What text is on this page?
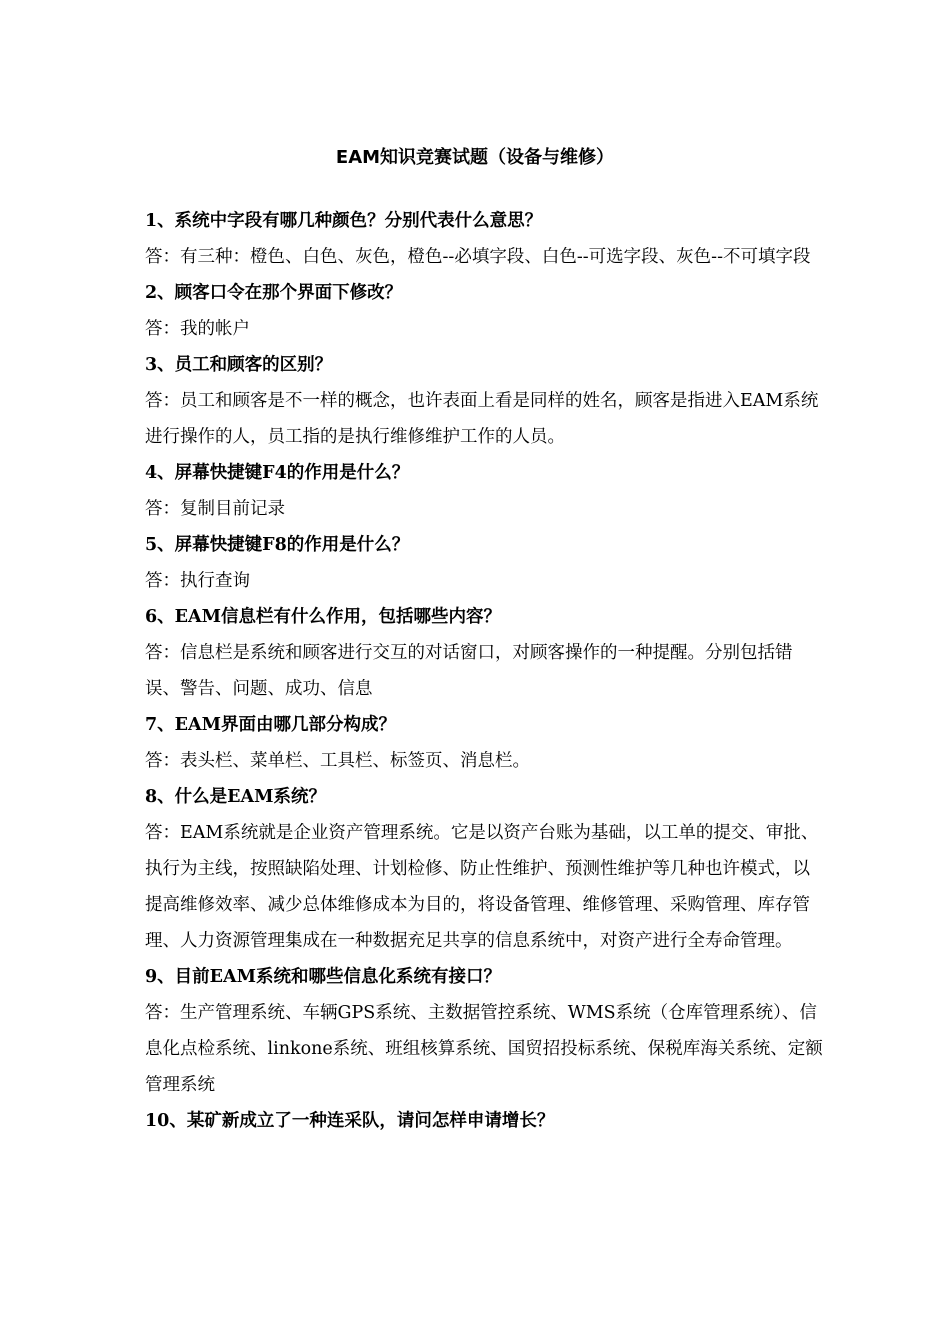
EAM知识竞赛试题（设备与维修）

1、系统中字段有哪几种颜色？分别代表什么意思？

答：有三种：橙色、白色、灰色，橙色--必填字段、白色--可选字段、灰色--不可填字段

2、顾客口令在那个界面下修改？

答：我的帐户

3、员工和顾客的区别？

答：员工和顾客是不一样的概念，也许表面上看是同样的姓名，顾客是指进入EAM系统进行操作的人，员工指的是执行维修维护工作的人员。

4、屏幕快捷键F4的作用是什么？

答：复制目前记录

5、屏幕快捷键F8的作用是什么？

答：执行查询

6、EAM信息栏有什么作用，包括哪些内容？

答：信息栏是系统和顾客进行交互的对话窗口，对顾客操作的一种提醒。分别包括错误、警告、问题、成功、信息

7、EAM界面由哪几部分构成？

答：表头栏、菜单栏、工具栏、标签页、消息栏。

8、什么是EAM系统？

答：EAM系统就是企业资产管理系统。它是以资产台账为基础，以工单的提交、审批、执行为主线，按照缺陷处理、计划检修、防止性维护、预测性维护等几种也许模式，以提高维修效率、减少总体维修成本为目的，将设备管理、维修管理、采购管理、库存管理、人力资源管理集成在一种数据充足共享的信息系统中，对资产进行全寿命管理。

9、目前EAM系统和哪些信息化系统有接口？

答：生产管理系统、车辆GPS系统、主数据管控系统、WMS系统（仓库管理系统）、信息化点检系统、linkone系统、班组核算系统、国贸招投标系统、保税库海关系统、定额管理系统

10、某矿新成立了一种连采队，请问怎样申请增长？
